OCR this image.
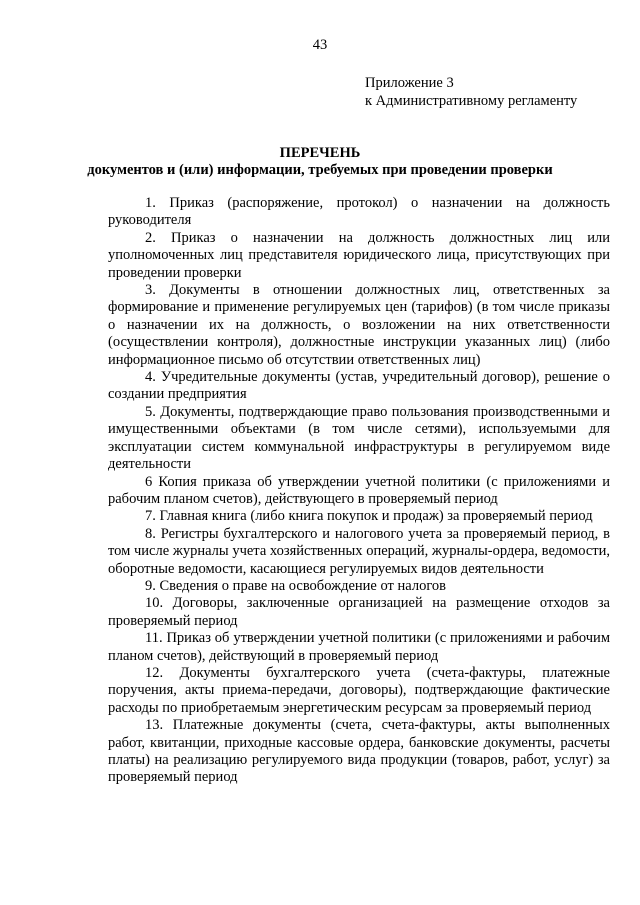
43
Приложение 3
к Административному регламенту
ПЕРЕЧЕНЬ
документов и (или) информации, требуемых при проведении проверки

1. Приказ (распоряжение, протокол) о назначении на должность руководителя

2. Приказ о назначении на должность должностных лиц или уполномоченных лиц представителя юридического лица, присутствующих при проведении проверки

3. Документы в отношении должностных лиц, ответственных за формирование и применение регулируемых цен (тарифов) (в том числе приказы о назначении их на должность, о возложении на них ответственности (осуществлении контроля), должностные инструкции указанных лиц) (либо информационное письмо об отсутствии ответственных лиц)

4. Учредительные документы (устав, учредительный договор), решение о создании предприятия

5. Документы, подтверждающие право пользования производственными и имущественными объектами (в том числе сетями), используемыми для эксплуатации систем коммунальной инфраструктуры в регулируемом виде деятельности

6 Копия приказа об утверждении учетной политики (с приложениями и рабочим планом счетов), действующего в проверяемый период

7. Главная книга (либо книга покупок и продаж) за проверяемый период

8. Регистры бухгалтерского и налогового учета за проверяемый период, в том числе журналы учета хозяйственных операций, журналы-ордера, ведомости, оборотные ведомости, касающиеся регулируемых видов деятельности

9. Сведения о праве на освобождение от налогов

10. Договоры, заключенные организацией на размещение отходов за проверяемый период

11. Приказ об утверждении учетной политики (с приложениями и рабочим планом счетов), действующий в проверяемый период

12. Документы бухгалтерского учета (счета-фактуры, платежные поручения, акты приема-передачи, договоры), подтверждающие фактические расходы по приобретаемым энергетическим ресурсам за проверяемый период

13. Платежные документы (счета, счета-фактуры, акты выполненных работ, квитанции, приходные кассовые ордера, банковские документы, расчеты платы) на реализацию регулируемого вида продукции (товаров, работ, услуг) за проверяемый период
